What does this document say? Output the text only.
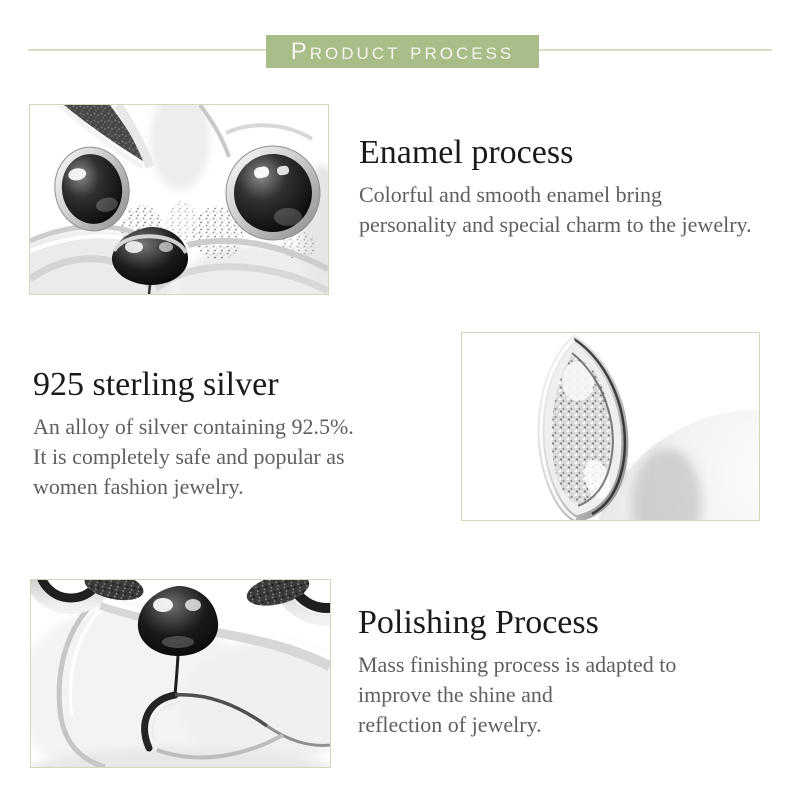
Product process
Enamel process

Colorful and smooth enamel bring
personality and special charm to the jewelry.

925 sterling silver

An alloy of silver containing 92.5%.
It is completely safe and popular as
women fashion jewelry.

Polishing Process

Mass finishing process is adapted to
improve the shine and
reflection of jewelry.
